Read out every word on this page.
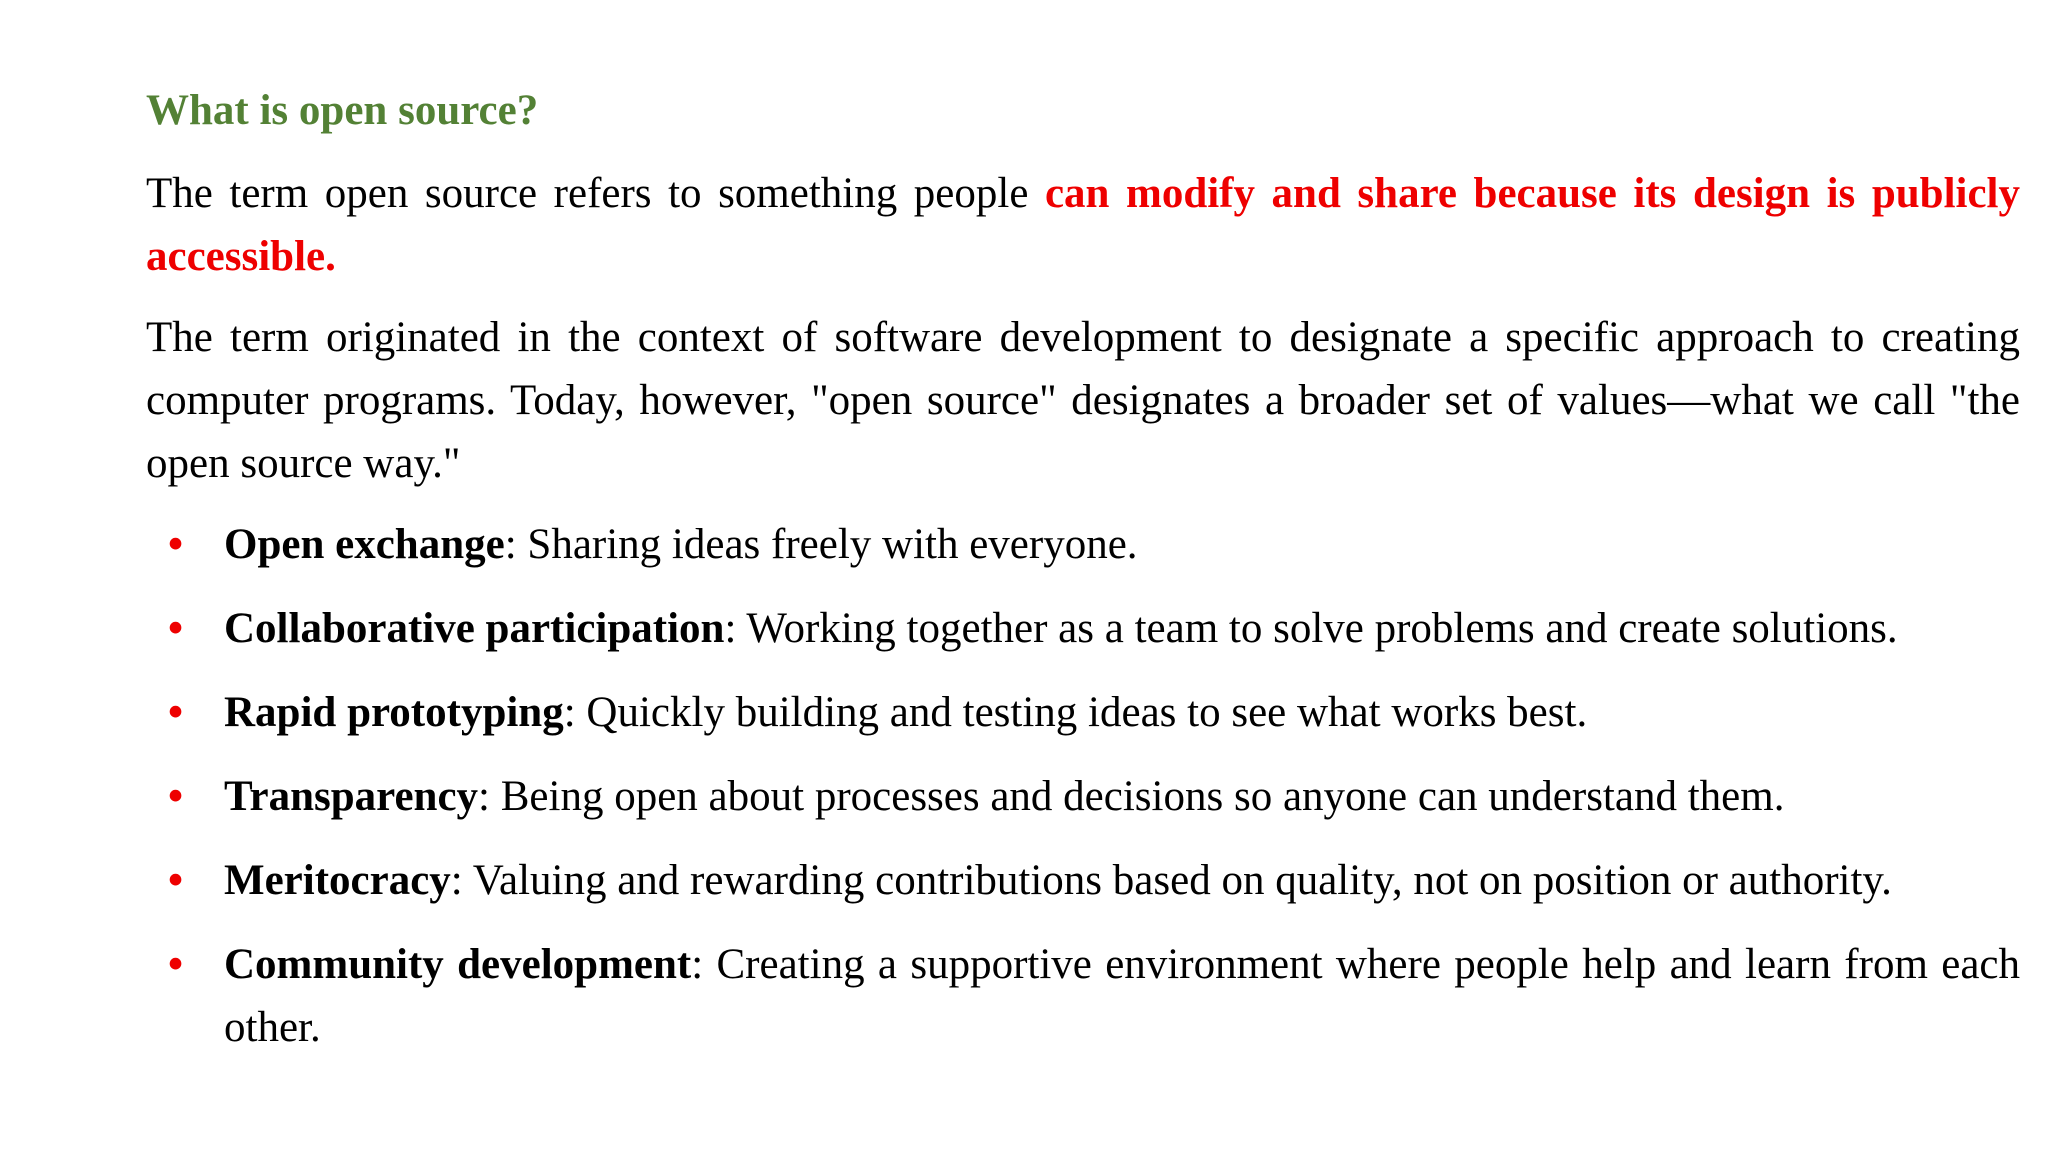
What is open source?

The term open source refers to something people can modify and share because its design is publicly accessible.

The term originated in the context of software development to designate a specific approach to creating computer programs. Today, however, "open source" designates a broader set of values—what we call "the open source way."

• Open exchange: Sharing ideas freely with everyone.
• Collaborative participation: Working together as a team to solve problems and create solutions.
• Rapid prototyping: Quickly building and testing ideas to see what works best.
• Transparency: Being open about processes and decisions so anyone can understand them.
• Meritocracy: Valuing and rewarding contributions based on quality, not on position or authority.
• Community development: Creating a supportive environment where people help and learn from each other.
